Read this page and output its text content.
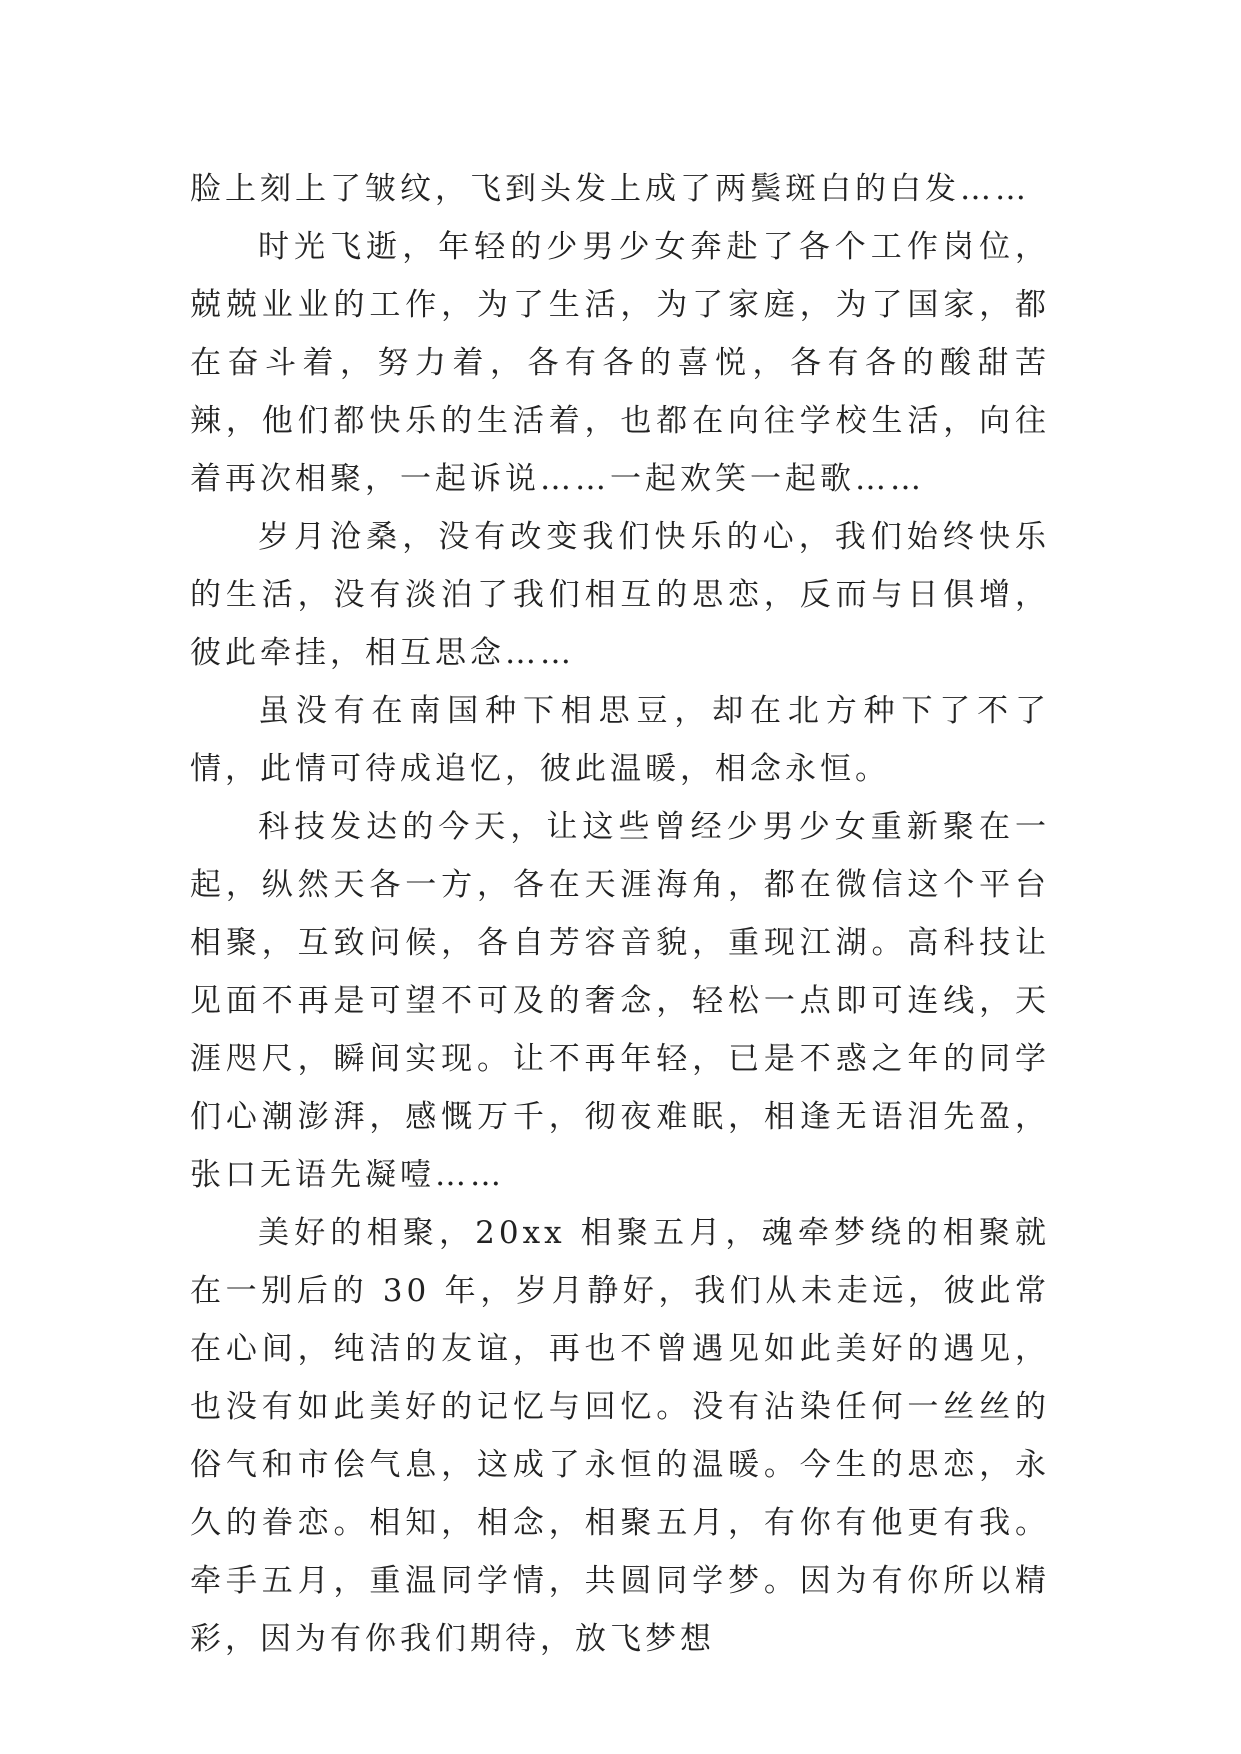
脸上刻上了皱纹，飞到头发上成了两鬓斑白的白发……

时光飞逝，年轻的少男少女奔赴了各个工作岗位，兢兢业业的工作，为了生活，为了家庭，为了国家，都在奋斗着，努力着，各有各的喜悦，各有各的酸甜苦辣，他们都快乐的生活着，也都在向往学校生活，向往着再次相聚，一起诉说……一起欢笑一起歌……

岁月沧桑，没有改变我们快乐的心，我们始终快乐的生活，没有淡泊了我们相互的思恋，反而与日俱增，彼此牵挂，相互思念……

虽没有在南国种下相思豆，却在北方种下了不了情，此情可待成追忆，彼此温暖，相念永恒。

科技发达的今天，让这些曾经少男少女重新聚在一起，纵然天各一方，各在天涯海角，都在微信这个平台相聚，互致问候，各自芳容音貌，重现江湖。高科技让见面不再是可望不可及的奢念，轻松一点即可连线，天涯咫尺，瞬间实现。让不再年轻，已是不惑之年的同学们心潮澎湃，感慨万千，彻夜难眠，相逢无语泪先盈，张口无语先凝噎……

美好的相聚，20xx 相聚五月，魂牵梦绕的相聚就在一别后的 30 年，岁月静好，我们从未走远，彼此常在心间，纯洁的友谊，再也不曾遇见如此美好的遇见，也没有如此美好的记忆与回忆。没有沾染任何一丝丝的俗气和市侩气息，这成了永恒的温暖。今生的思恋，永久的眷恋。相知，相念，相聚五月，有你有他更有我。牵手五月，重温同学情，共圆同学梦。因为有你所以精彩，因为有你我们期待，放飞梦想
